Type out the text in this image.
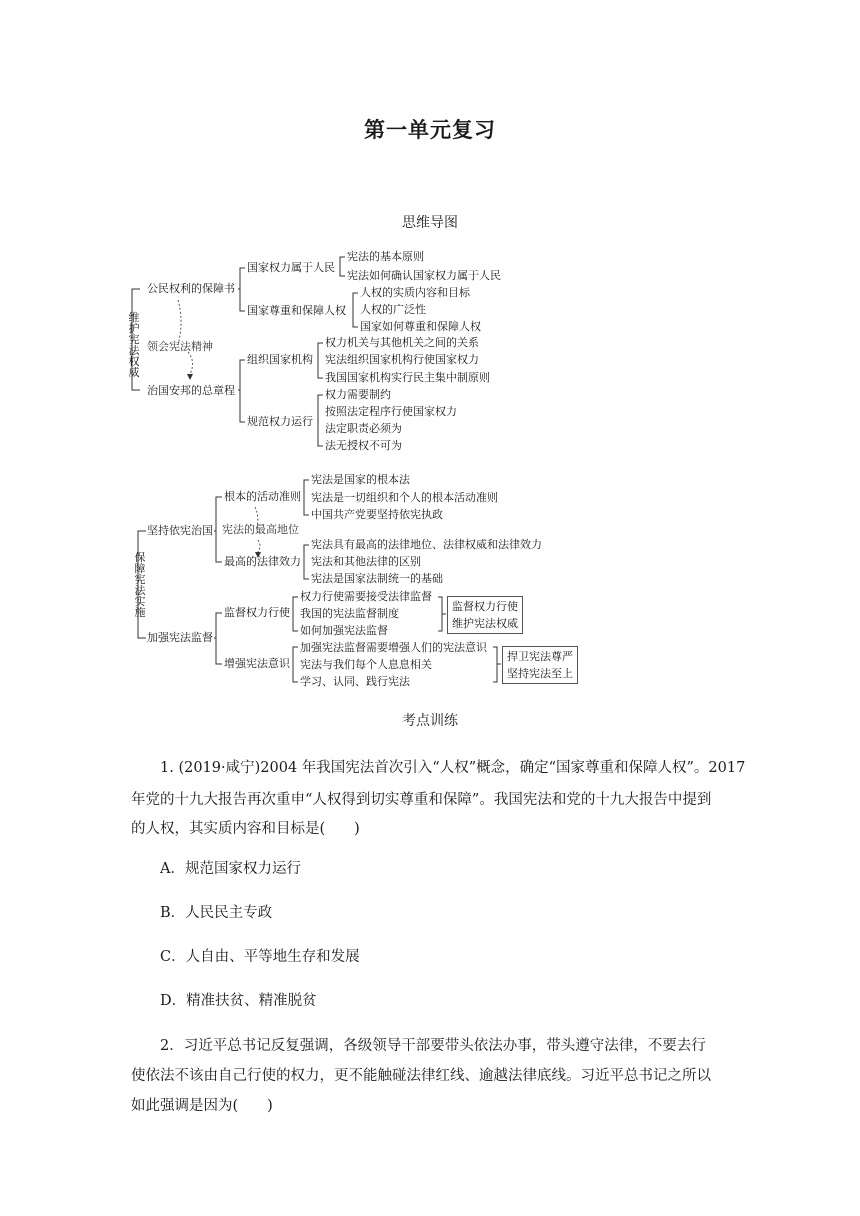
第一单元复习
思维导图
维护宪法权威
公民权利的保障书
领会宪法精神
治国安邦的总章程
国家权力属于人民
国家尊重和保障人权
组织国家机构
规范权力运行
宪法的基本原则
宪法如何确认国家权力属于人民
人权的实质内容和目标
人权的广泛性
国家如何尊重和保障人权
权力机关与其他机关之间的关系
宪法组织国家机构行使国家权力
我国国家机构实行民主集中制原则
权力需要制约
按照法定程序行使国家权力
法定职责必须为
法无授权不可为
保障宪法实施
坚持依宪治国
加强宪法监督
根本的活动准则
宪法的最高地位
最高的法律效力
监督权力行使
增强宪法意识
宪法是国家的根本法
宪法是一切组织和个人的根本活动准则
中国共产党要坚持依宪执政
宪法具有最高的法律地位、法律权威和法律效力
宪法和其他法律的区别
宪法是国家法制统一的基础
权力行使需要接受法律监督
我国的宪法监督制度
如何加强宪法监督
监督权力行使
维护宪法权威
加强宪法监督需要增强人们的宪法意识
宪法与我们每个人息息相关
学习、认同、践行宪法
捍卫宪法尊严
坚持宪法至上
考点训练
1. (2019·咸宁)2004 年我国宪法首次引入“人权”概念，确定“国家尊重和保障人权”。2017
年党的十九大报告再次重申“人权得到切实尊重和保障”。我国宪法和党的十九大报告中提到
的人权，其实质内容和目标是(　　)
A．规范国家权力运行
B．人民民主专政
C．人自由、平等地生存和发展
D．精准扶贫、精准脱贫
2．习近平总书记反复强调，各级领导干部要带头依法办事，带头遵守法律，不要去行
使依法不该由自己行使的权力，更不能触碰法律红线、逾越法律底线。习近平总书记之所以
如此强调是因为(　　)
